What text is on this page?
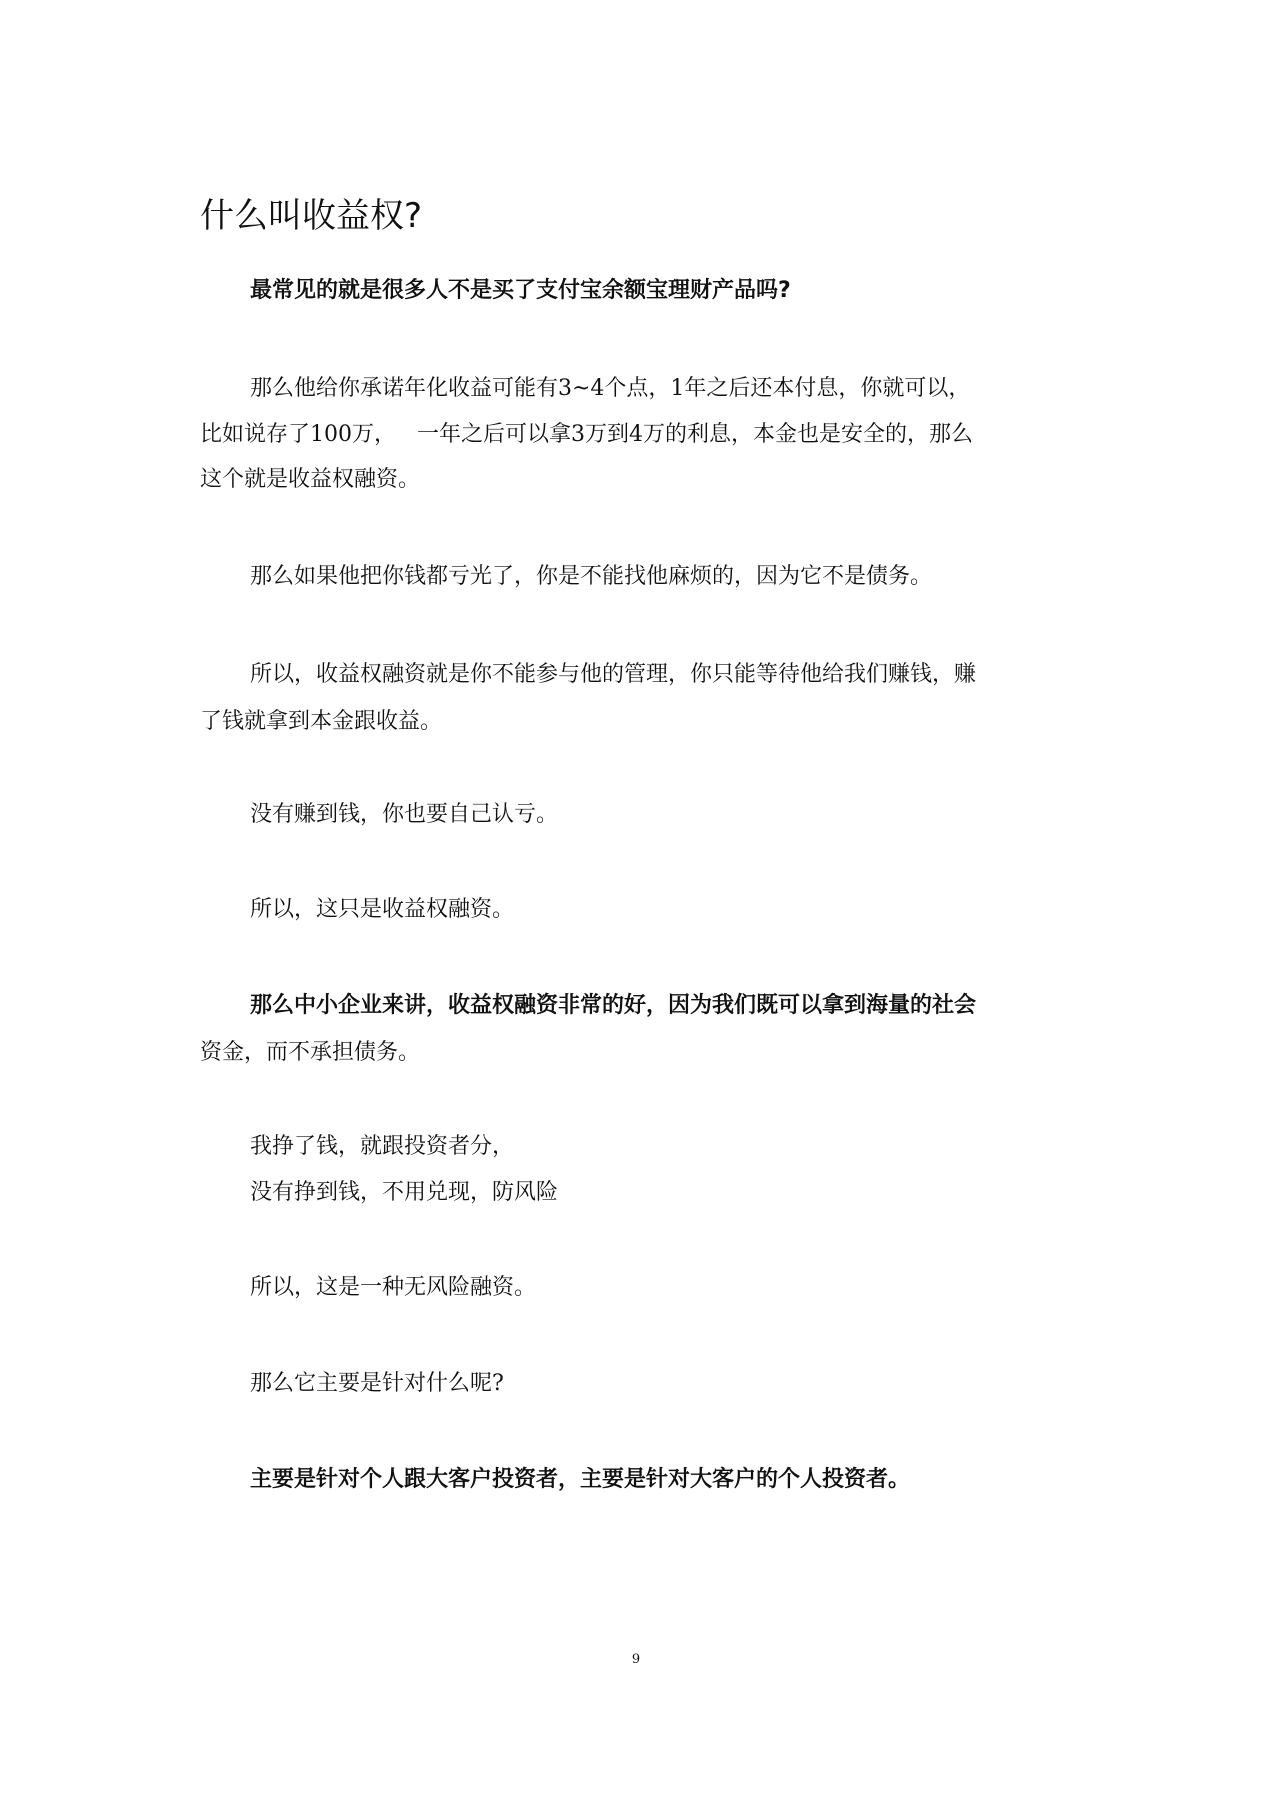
什么叫收益权?

最常见的就是很多人不是买了支付宝余额宝理财产品吗?

那么他给你承诺年化收益可能有3~4个点，1年之后还本付息，你就可以，

比如说存了100万，   一年之后可以拿3万到4万的利息，本金也是安全的，那么

这个就是收益权融资。

那么如果他把你钱都亏光了，你是不能找他麻烦的，因为它不是债务。

所以，收益权融资就是你不能参与他的管理，你只能等待他给我们赚钱，赚

了钱就拿到本金跟收益。

没有赚到钱，你也要自己认亏。

所以，这只是收益权融资。

那么中小企业来讲，收益权融资非常的好，因为我们既可以拿到海量的社会

资金，而不承担债务。

我挣了钱，就跟投资者分，

没有挣到钱，不用兑现，防风险

所以，这是一种无风险融资。

那么它主要是针对什么呢?

主要是针对个人跟大客户投资者，主要是针对大客户的个人投资者。

9
